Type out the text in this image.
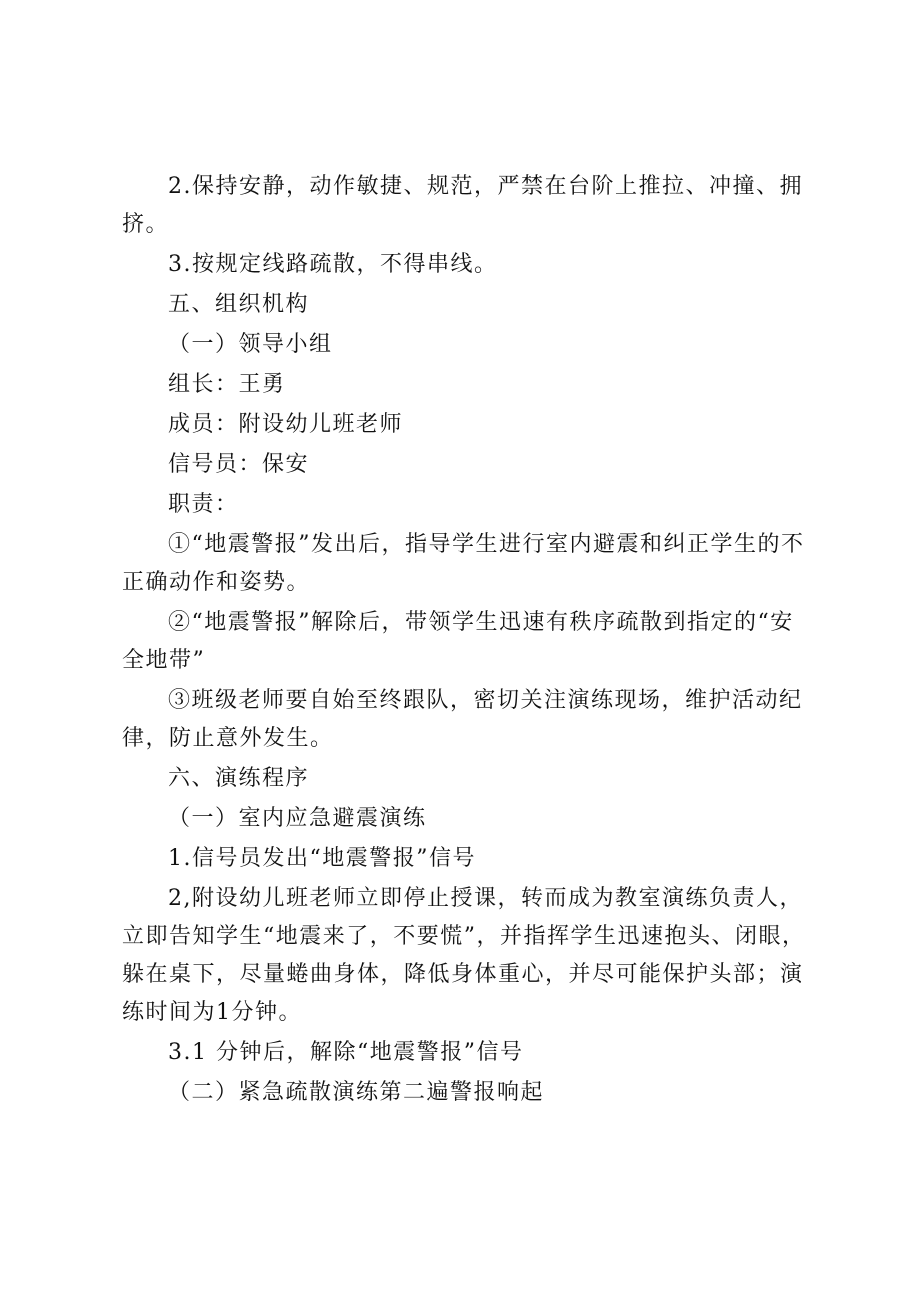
2.保持安静，动作敏捷、规范，严禁在台阶上推拉、冲撞、拥挤。

3.按规定线路疏散，不得串线。

五、组织机构

（一）领导小组

组长：王勇

成员：附设幼儿班老师

信号员：保安

职责：

①“地震警报”发出后，指导学生进行室内避震和纠正学生的不正确动作和姿势。

②“地震警报”解除后，带领学生迅速有秩序疏散到指定的“安全地带”

③班级老师要自始至终跟队，密切关注演练现场，维护活动纪律，防止意外发生。

六、演练程序

（一）室内应急避震演练

1.信号员发出“地震警报”信号

2,附设幼儿班老师立即停止授课，转而成为教室演练负责人，立即告知学生“地震来了，不要慌”，并指挥学生迅速抱头、闭眼，躲在桌下，尽量蜷曲身体，降低身体重心，并尽可能保护头部；演练时间为1分钟。

3.1 分钟后，解除“地震警报”信号

（二）紧急疏散演练第二遍警报响起
